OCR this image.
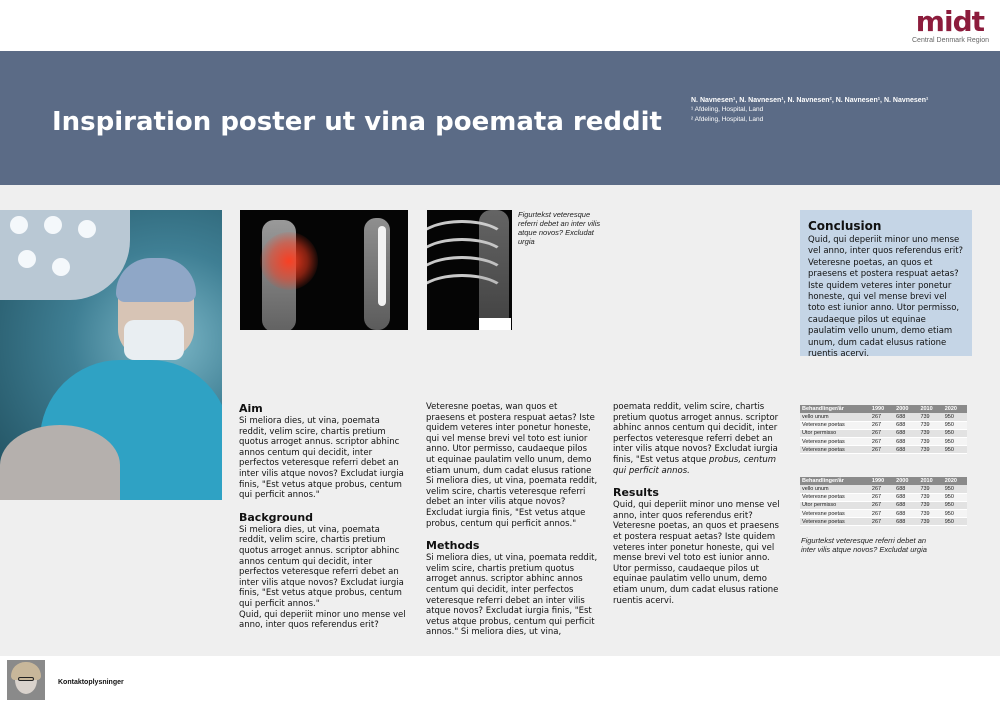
midt
Central Denmark Region
Inspiration poster ut vina poemata reddit
N. Navnesen¹, N. Navnesen¹, N. Navnesen², N. Navnesen¹, N. Navnesen¹
¹ Afdeling, Hospital, Land
² Afdeling, Hospital, Land
Figurtekst veteresque referri debet an inter vilis atque novos? Excludat urgia
Conclusion

Quid, qui deperiit minor uno mense vel anno, inter quos referendus erit? Veteresne poetas, an quos et praesens et postera respuat aetas? Iste quidem veteres inter ponetur honeste, qui vel mense brevi vel toto est iunior anno. Utor permisso, caudaeque pilos ut equinae paulatim vello unum, demo etiam unum, dum cadat elusus ratione ruentis acervi.

Aim

Si meliora dies, ut vina, poemata reddit, velim scire, chartis pretium quotus arroget annus. scriptor abhinc annos centum qui decidit, inter perfectos veteresque referri debet an inter vilis atque novos? Excludat iurgia finis, "Est vetus atque probus, centum qui perficit annos."

Background

Si meliora dies, ut vina, poemata reddit, velim scire, chartis pretium quotus arroget annus. scriptor abhinc annos centum qui decidit, inter perfectos veteresque referri debet an inter vilis atque novos? Excludat iurgia finis, "Est vetus atque probus, centum qui perficit annos."

Quid, qui deperiit minor uno mense vel anno, inter quos referendus erit?

Veteresne poetas, wan quos et praesens et postera respuat aetas? Iste quidem veteres inter ponetur honeste, qui vel mense brevi vel toto est iunior anno. Utor permisso, caudaeque pilos ut equinae paulatim vello unum, demo etiam unum, dum cadat elusus ratione Si meliora dies, ut vina, poemata reddit, velim scire, chartis veteresque referri debet an inter vilis atque novos? Excludat iurgia finis, "Est vetus atque probus, centum qui perficit annos."

Methods

Si meliora dies, ut vina, poemata reddit, velim scire, chartis pretium quotus arroget annus. scriptor abhinc annos centum qui decidit, inter perfectos veteresque referri debet an inter vilis atque novos? Excludat iurgia finis, "Est vetus atque probus, centum qui perficit annos." Si meliora dies, ut vina,

poemata reddit, velim scire, chartis pretium quotus arroget annus. scriptor abhinc annos centum qui decidit, inter perfectos veteresque referri debet an inter vilis atque novos? Excludat iurgia finis, "Est vetus atque probus, centum qui perficit annos.

Results

Quid, qui deperiit minor uno mense vel anno, inter quos referendus erit? Veteresne poetas, an quos et praesens et postera respuat aetas? Iste quidem veteres inter ponetur honeste, qui vel mense brevi vel toto est iunior anno. Utor permisso, caudaeque pilos ut equinae paulatim vello unum, demo etiam unum, dum cadat elusus ratione ruentis acervi.

Behandlinger/år	1990	2000	2010	2020
vello unum	267	688	739	950
Veteresne poetas	267	688	739	950
Utor permisso	267	688	739	950
Veteresne poetas	267	688	739	950
Veteresne poetas	267	688	739	950
Behandlinger/år	1990	2000	2010	2020
vello unum	267	688	739	950
Veteresne poetas	267	688	739	950
Utor permisso	267	688	739	950
Veteresne poetas	267	688	739	950
Veteresne poetas	267	688	739	950
Figurtekst veteresque referri debet an inter vilis atque novos? Excludat urgia
Kontaktoplysninger
